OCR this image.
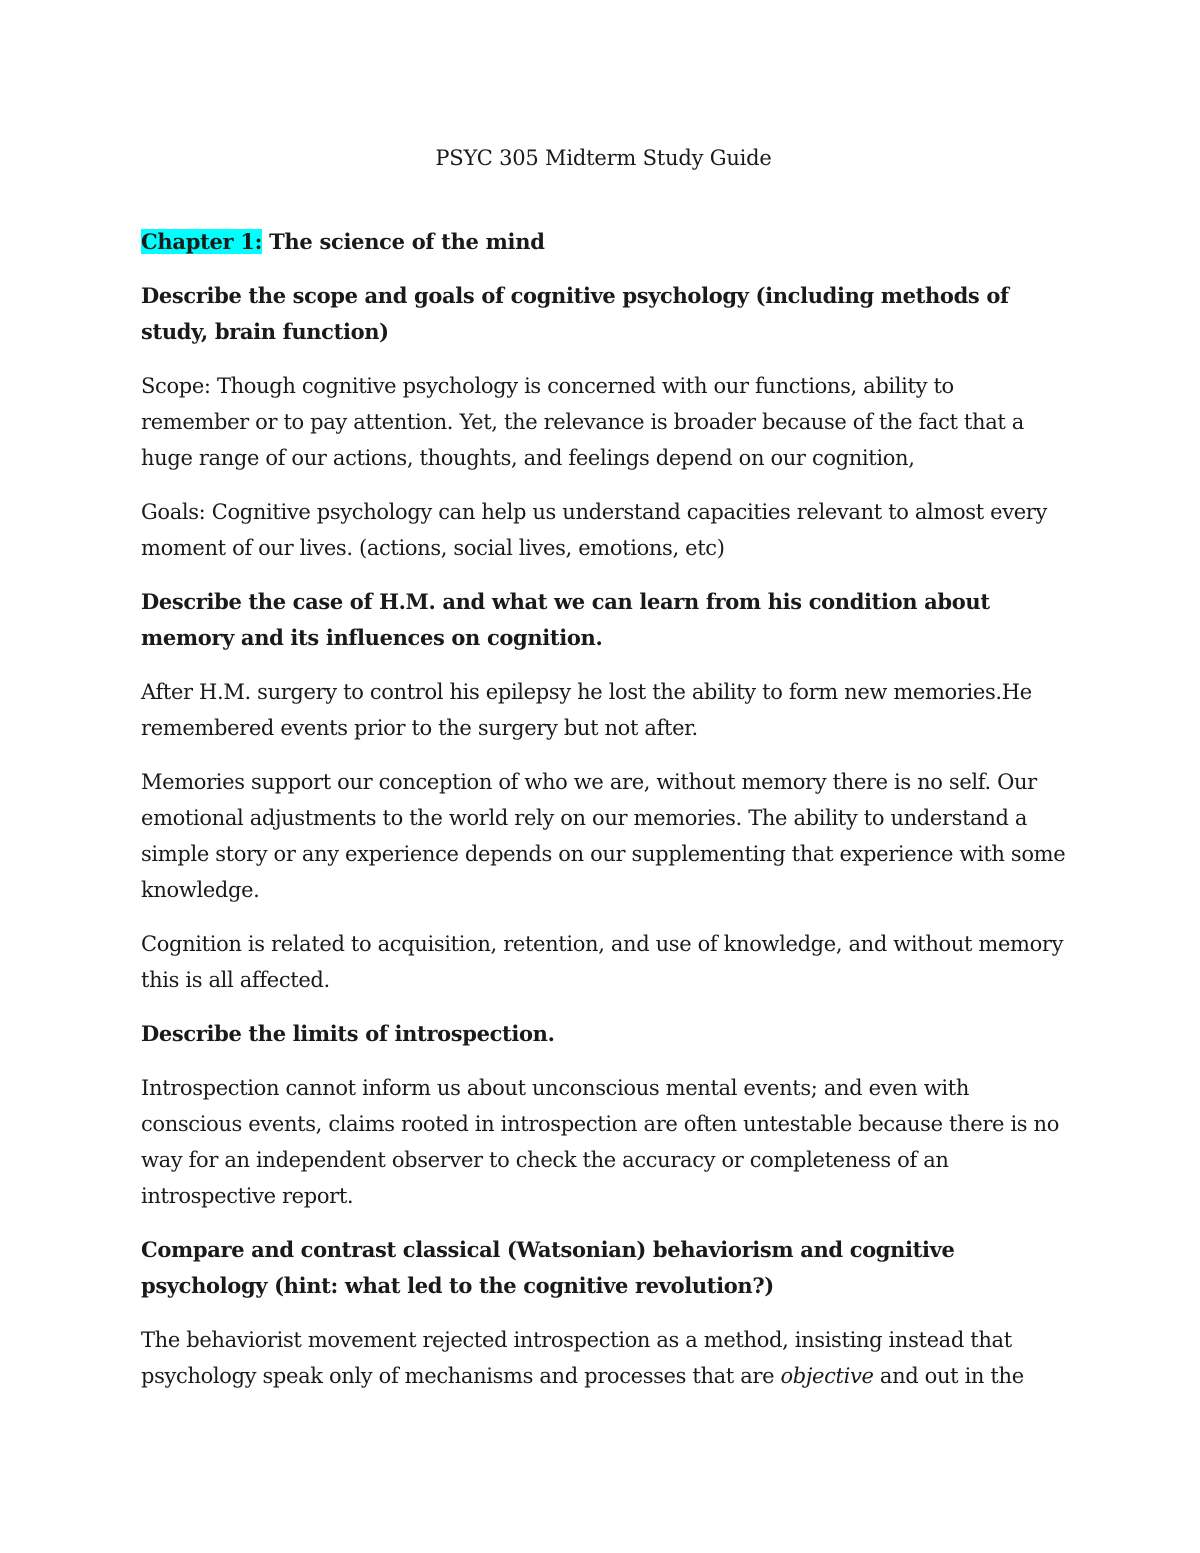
PSYC 305 Midterm Study Guide

Chapter 1: The science of the mind

Describe the scope and goals of cognitive psychology (including methods of study, brain function)

Scope: Though cognitive psychology is concerned with our functions, ability to remember or to pay attention. Yet, the relevance is broader because of the fact that a huge range of our actions, thoughts, and feelings depend on our cognition,

Goals: Cognitive psychology can help us understand capacities relevant to almost every moment of our lives. (actions, social lives, emotions, etc)

Describe the case of H.M. and what we can learn from his condition about memory and its influences on cognition.

After H.M. surgery to control his epilepsy he lost the ability to form new memories.He remembered events prior to the surgery but not after.

Memories support our conception of who we are, without memory there is no self. Our emotional adjustments to the world rely on our memories. The ability to understand a simple story or any experience depends on our supplementing that experience with some knowledge.

Cognition is related to acquisition, retention, and use of knowledge, and without memory this is all affected.

Describe the limits of introspection.

Introspection cannot inform us about unconscious mental events; and even with conscious events, claims rooted in introspection are often untestable because there is no way for an independent observer to check the accuracy or completeness of an introspective report.

Compare and contrast classical (Watsonian) behaviorism and cognitive psychology (hint: what led to the cognitive revolution?)

The behaviorist movement rejected introspection as a method, insisting instead that psychology speak only of mechanisms and processes that are objective and out in the
